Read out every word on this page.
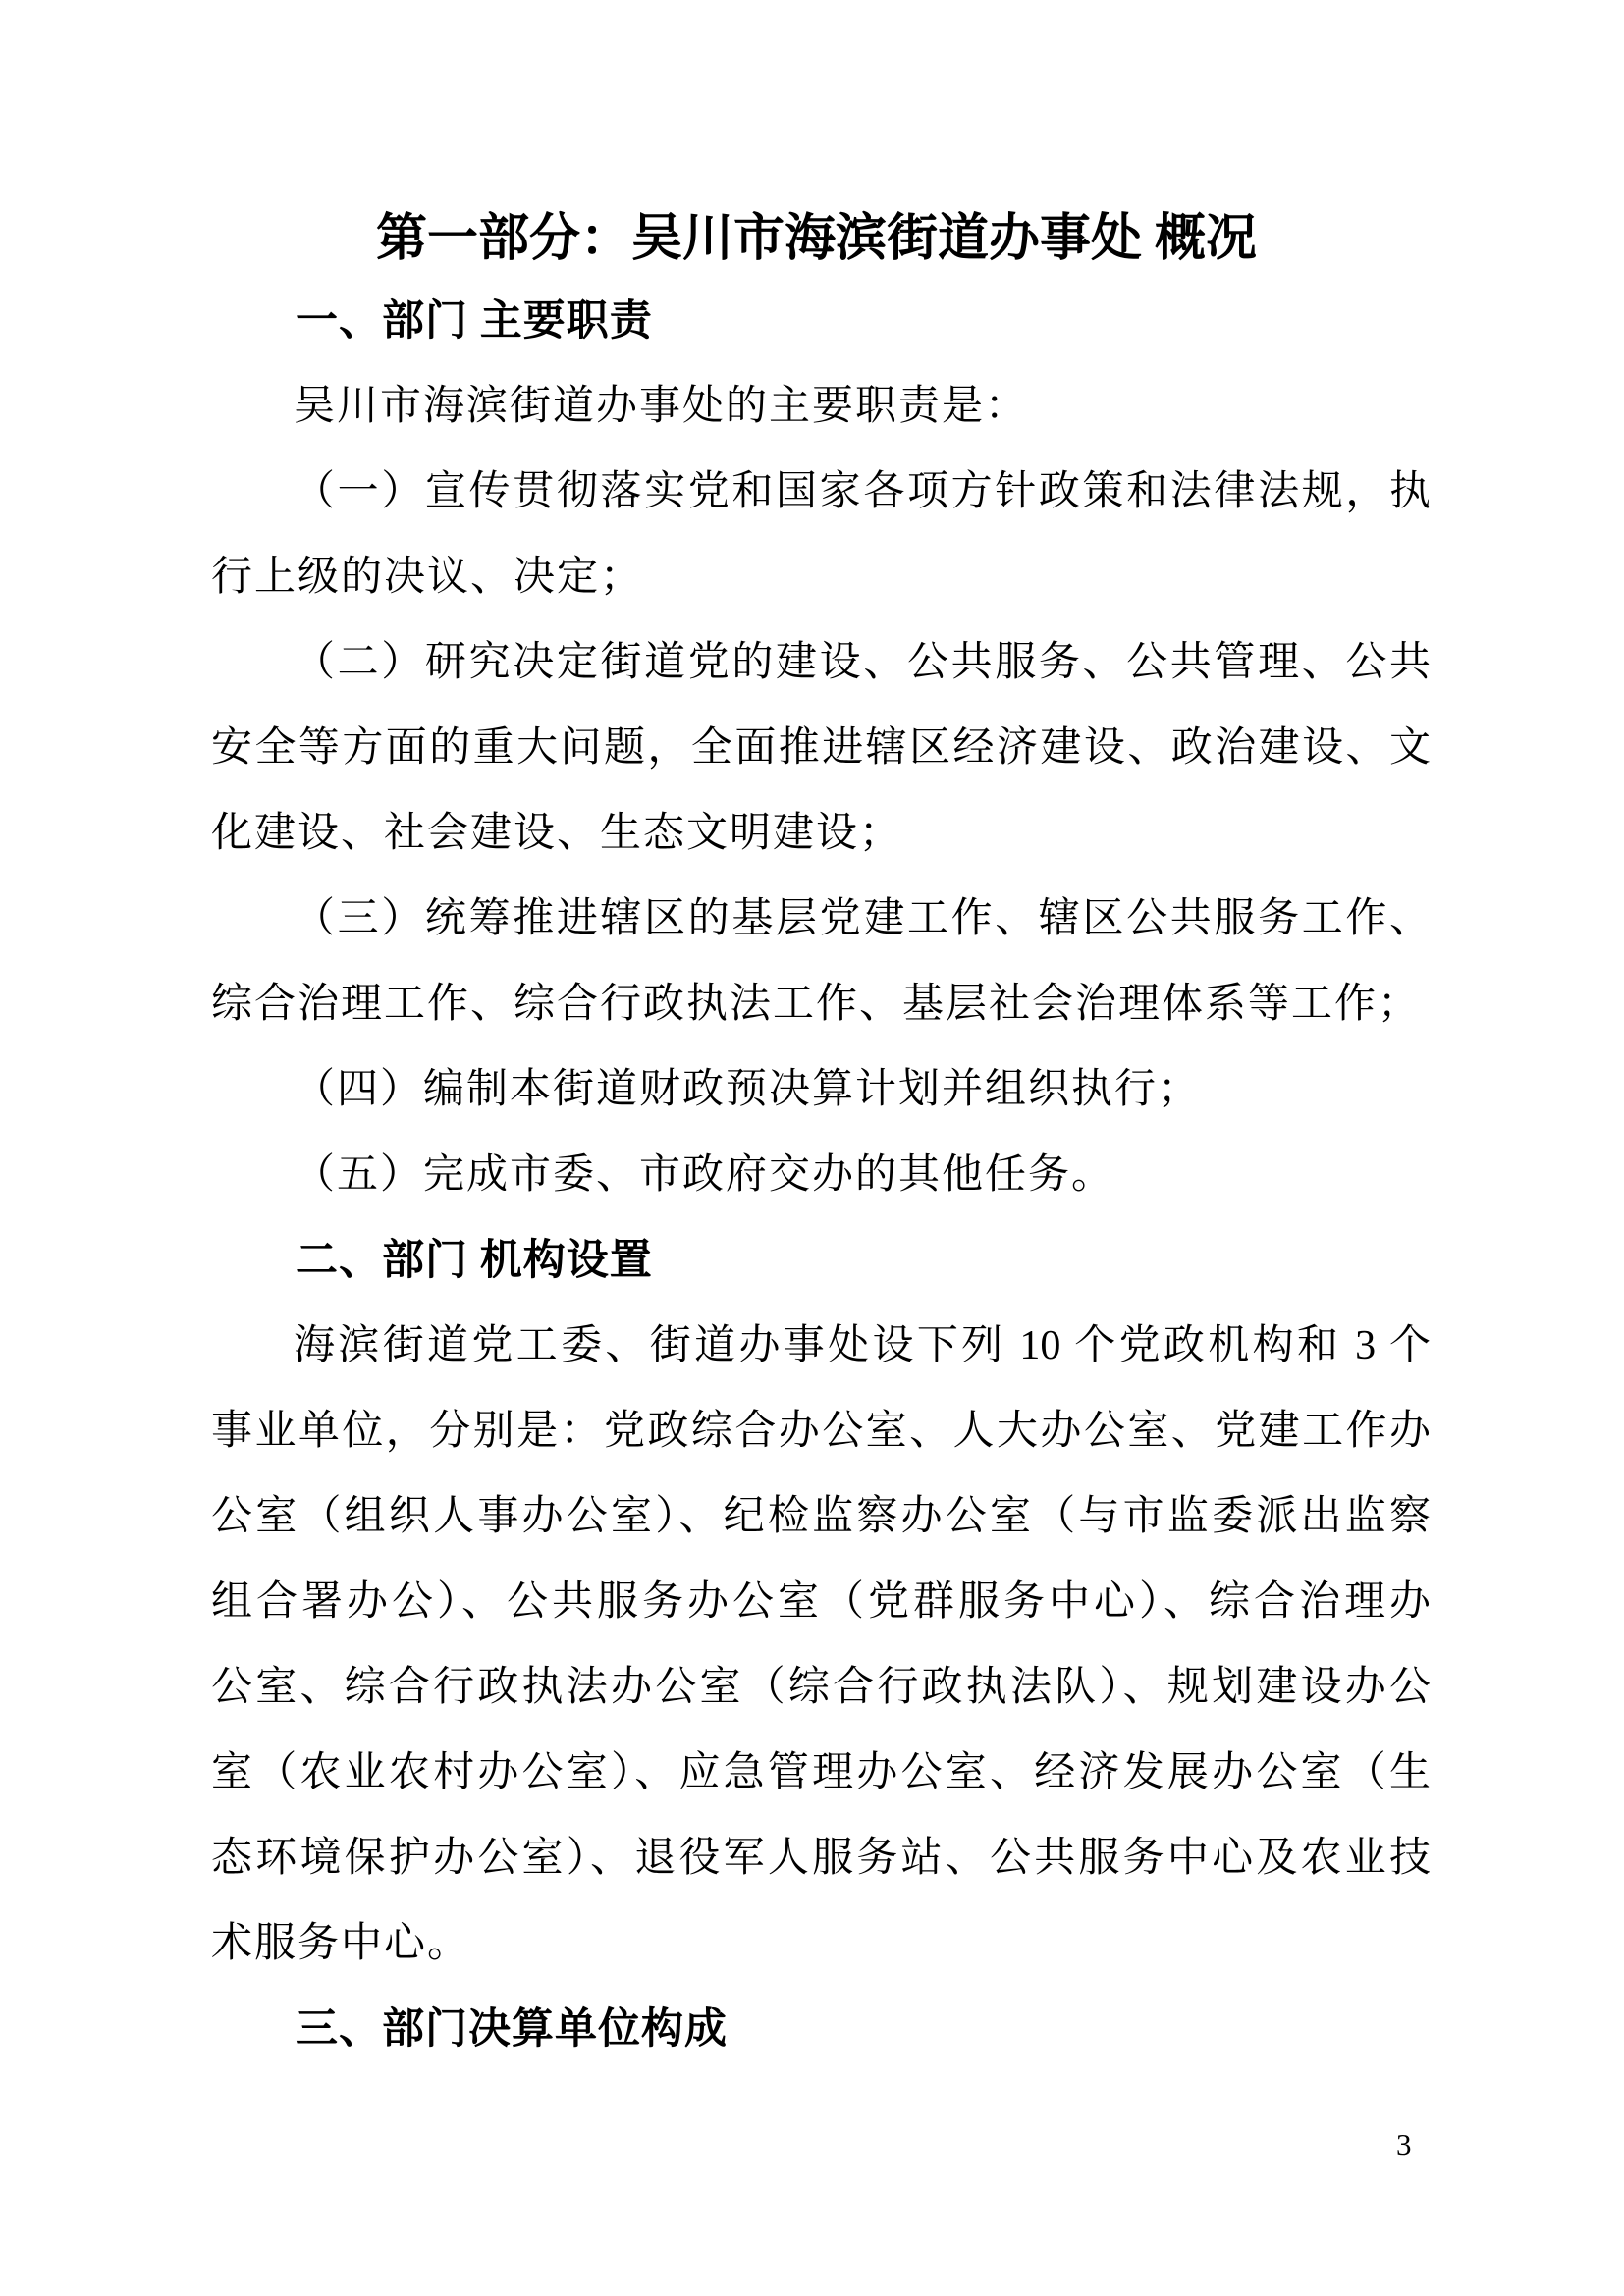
第一部分：吴川市海滨街道办事处 概况
一、部门 主要职责
吴川市海滨街道办事处的主要职责是：
（一）宣传贯彻落实党和国家各项方针政策和法律法规，执
行上级的决议、决定；
（二）研究决定街道党的建设、公共服务、公共管理、公共
安全等方面的重大问题，全面推进辖区经济建设、政治建设、文
化建设、社会建设、生态文明建设；
（三）统筹推进辖区的基层党建工作、辖区公共服务工作、
综合治理工作、综合行政执法工作、基层社会治理体系等工作；
（四）编制本街道财政预决算计划并组织执行；
（五）完成市委、市政府交办的其他任务。
二、部门 机构设置
海滨街道党工委、街道办事处设下列 10 个党政机构和 3 个
事业单位，分别是：党政综合办公室、人大办公室、党建工作办
公室（组织人事办公室）、纪检监察办公室（与市监委派出监察
组合署办公）、公共服务办公室（党群服务中心）、综合治理办
公室、综合行政执法办公室（综合行政执法队）、规划建设办公
室（农业农村办公室）、应急管理办公室、经济发展办公室（生
态环境保护办公室）、退役军人服务站、公共服务中心及农业技
术服务中心。
三、部门决算单位构成
3
